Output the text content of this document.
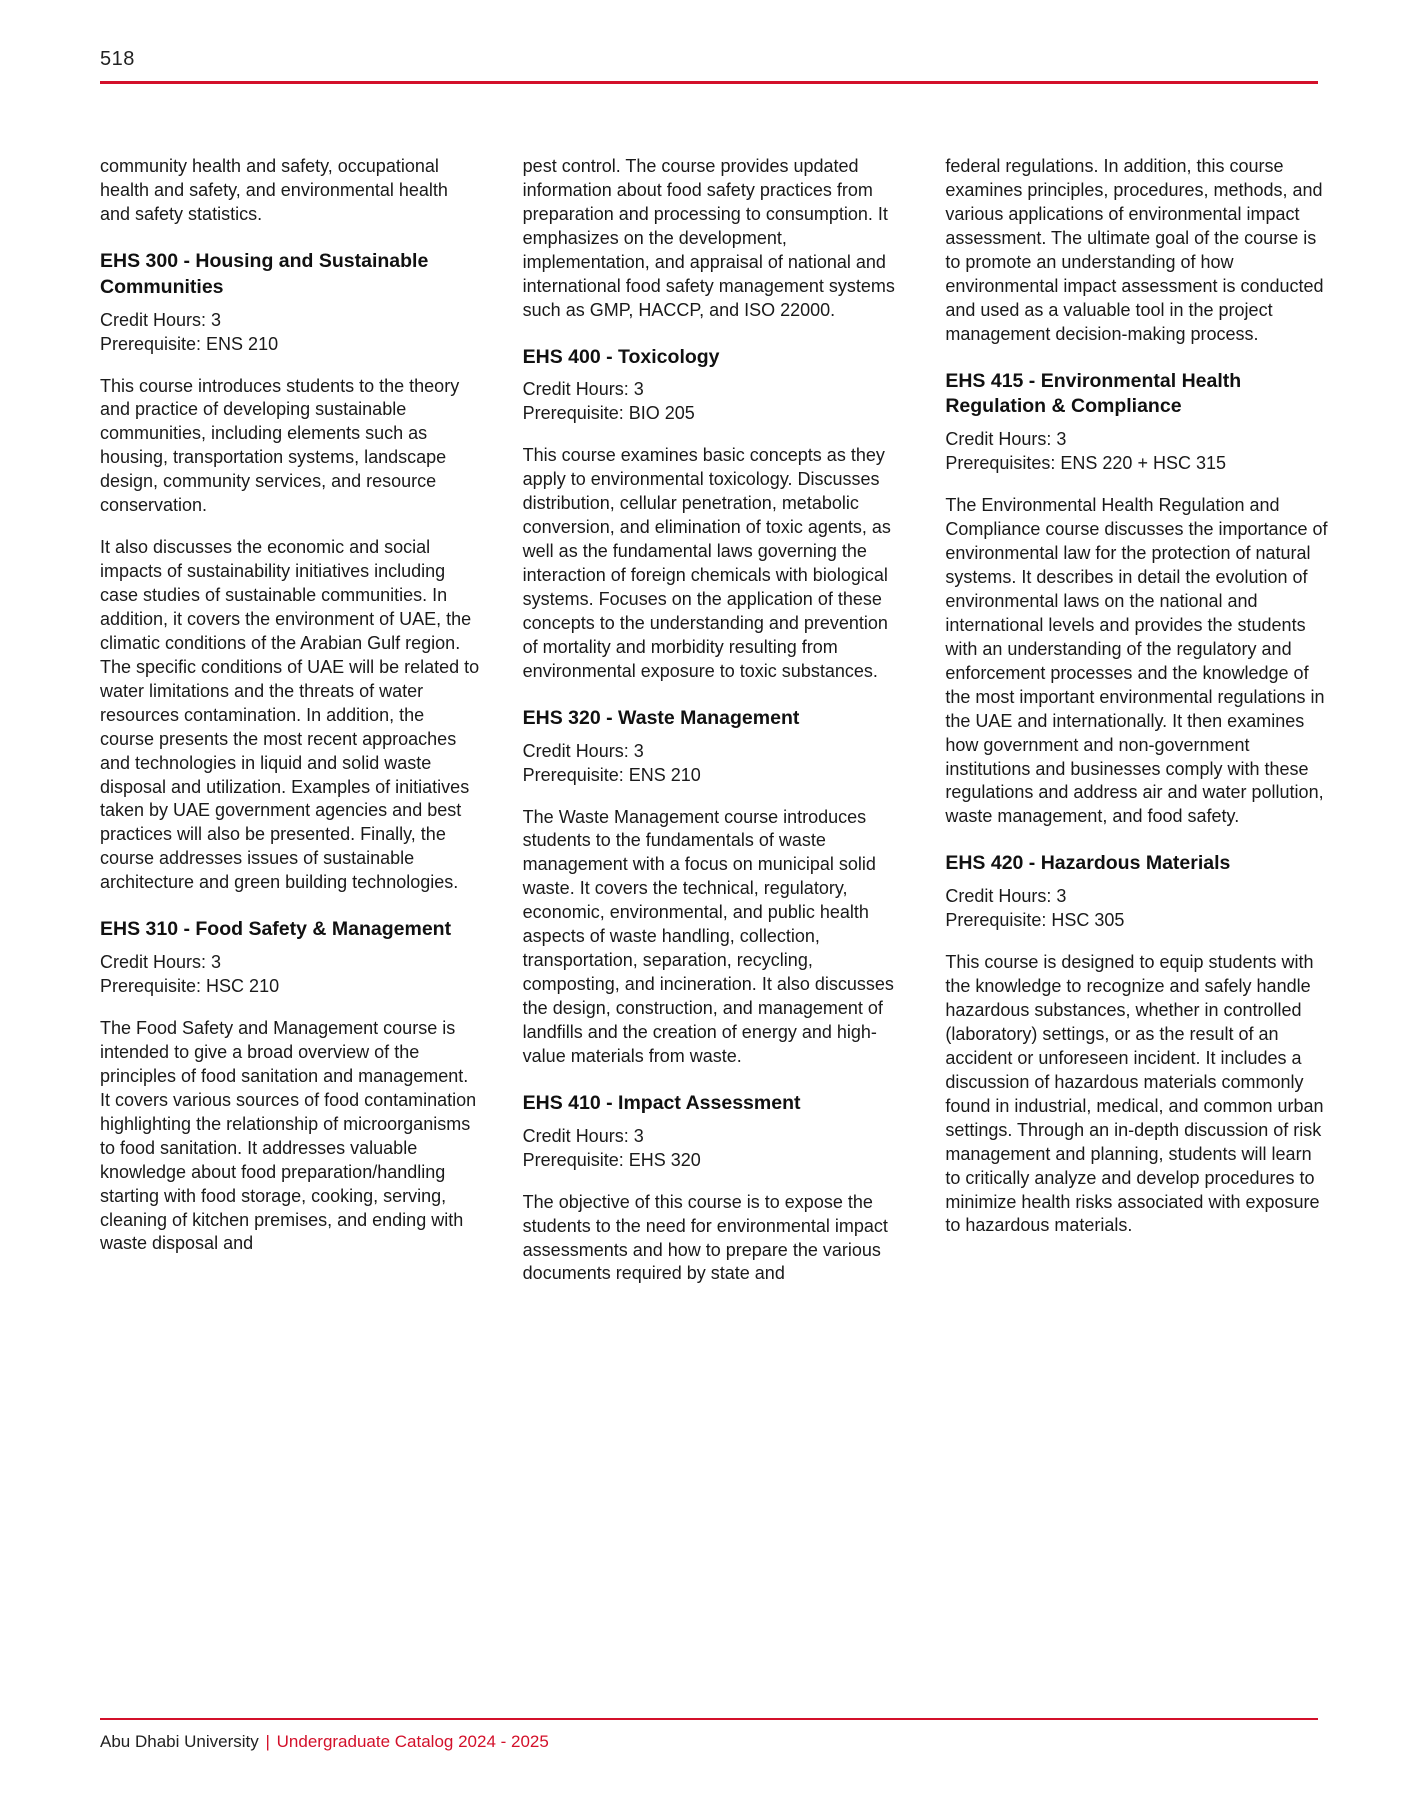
518

community health and safety, occupational health and safety, and environmental health and safety statistics.

EHS 300 - Housing and Sustainable Communities

Credit Hours: 3

Prerequisite: ENS 210

This course introduces students to the theory and practice of developing sustainable communities, including elements such as housing, transportation systems, landscape design, community services, and resource conservation.

It also discusses the economic and social impacts of sustainability initiatives including case studies of sustainable communities. In addition, it covers the environment of UAE, the climatic conditions of the Arabian Gulf region. The specific conditions of UAE will be related to water limitations and the threats of water resources contamination. In addition, the course presents the most recent approaches and technologies in liquid and solid waste disposal and utilization. Examples of initiatives taken by UAE government agencies and best practices will also be presented. Finally, the course addresses issues of sustainable architecture and green building technologies.

EHS 310 - Food Safety & Management

Credit Hours: 3

Prerequisite: HSC 210

The Food Safety and Management course is intended to give a broad overview of the principles of food sanitation and management. It covers various sources of food contamination highlighting the relationship of microorganisms to food sanitation. It addresses valuable knowledge about food preparation/handling starting with food storage, cooking, serving, cleaning of kitchen premises, and ending with waste disposal and

pest control. The course provides updated information about food safety practices from preparation and processing to consumption. It emphasizes on the development, implementation, and appraisal of national and international food safety management systems such as GMP, HACCP, and ISO 22000.

EHS 400 - Toxicology

Credit Hours: 3

Prerequisite: BIO 205

This course examines basic concepts as they apply to environmental toxicology. Discusses distribution, cellular penetration, metabolic conversion, and elimination of toxic agents, as well as the fundamental laws governing the interaction of foreign chemicals with biological systems. Focuses on the application of these concepts to the understanding and prevention of mortality and morbidity resulting from environmental exposure to toxic substances.

EHS 320 - Waste Management

Credit Hours: 3

Prerequisite: ENS 210

The Waste Management course introduces students to the fundamentals of waste management with a focus on municipal solid waste. It covers the technical, regulatory, economic, environmental, and public health aspects of waste handling, collection, transportation, separation, recycling, composting, and incineration. It also discusses the design, construction, and management of landfills and the creation of energy and high-value materials from waste.

EHS 410 - Impact Assessment

Credit Hours: 3

Prerequisite: EHS 320

The objective of this course is to expose the students to the need for environmental impact assessments and how to prepare the various documents required by state and

federal regulations. In addition, this course examines principles, procedures, methods, and various applications of environmental impact assessment. The ultimate goal of the course is to promote an understanding of how environmental impact assessment is conducted and used as a valuable tool in the project management decision-making process.

EHS 415 - Environmental Health Regulation & Compliance

Credit Hours: 3

Prerequisites: ENS 220 + HSC 315

The Environmental Health Regulation and Compliance course discusses the importance of environmental law for the protection of natural systems. It describes in detail the evolution of environmental laws on the national and international levels and provides the students with an understanding of the regulatory and enforcement processes and the knowledge of the most important environmental regulations in the UAE and internationally. It then examines how government and non-government institutions and businesses comply with these regulations and address air and water pollution, waste management, and food safety.

EHS 420 - Hazardous Materials

Credit Hours: 3

Prerequisite: HSC 305

This course is designed to equip students with the knowledge to recognize and safely handle hazardous substances, whether in controlled (laboratory) settings, or as the result of an accident or unforeseen incident. It includes a discussion of hazardous materials commonly found in industrial, medical, and common urban settings. Through an in-depth discussion of risk management and planning, students will learn to critically analyze and develop procedures to minimize health risks associated with exposure to hazardous materials.

Abu Dhabi University | Undergraduate Catalog 2024 - 2025
